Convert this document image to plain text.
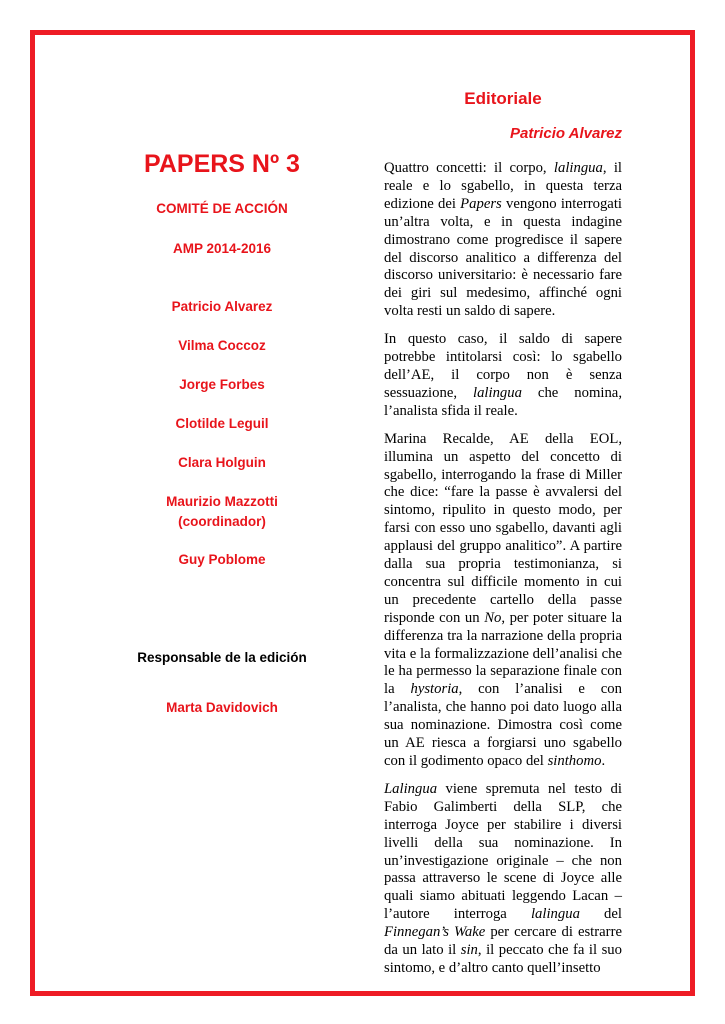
PAPERS Nº 3

COMITÉ DE ACCIÓN

AMP 2014-2016

Patricio Alvarez

Vilma Coccoz

Jorge Forbes

Clotilde Leguil

Clara Holguin

Maurizio Mazzotti

(coordinador)

Guy Poblome

Responsable de la edición

Marta Davidovich

Editoriale

Patricio Alvarez

Quattro concetti: il corpo, lalingua, il reale e lo sgabello, in questa terza edizione dei Papers vengono interrogati un’altra volta, e in questa indagine dimostrano come progredisce il sapere del discorso analitico a differenza del discorso universitario: è necessario fare dei giri sul medesimo, affinché ogni volta resti un saldo di sapere.

In questo caso, il saldo di sapere potrebbe intitolarsi così: lo sgabello dell’AE, il corpo non è senza sessuazione, lalingua che nomina, l’analista sfida il reale.

Marina Recalde, AE della EOL, illumina un aspetto del concetto di sgabello, interrogando la frase di Miller che dice: “fare la passe è avvalersi del sintomo, ripulito in questo modo, per farsi con esso uno sgabello, davanti agli applausi del gruppo analitico”. A partire dalla sua propria testimonianza, si concentra sul difficile momento in cui un precedente cartello della passe risponde con un No, per poter situare la differenza tra la narrazione della propria vita e la formalizzazione dell’analisi che le ha permesso la separazione finale con la hystoria, con l’analisi e con l’analista, che hanno poi dato luogo alla sua nominazione. Dimostra così come un AE riesca a forgiarsi uno sgabello con il godimento opaco del sinthomo.

Lalingua viene spremuta nel testo di Fabio Galimberti della SLP, che interroga Joyce per stabilire i diversi livelli della sua nominazione. In un’investigazione originale – che non passa attraverso le scene di Joyce alle quali siamo abituati leggendo Lacan – l’autore interroga lalingua del Finnegan’s Wake per cercare di estrarre da un lato il sin, il peccato che fa il suo sintomo, e d’altro canto quell’insetto
